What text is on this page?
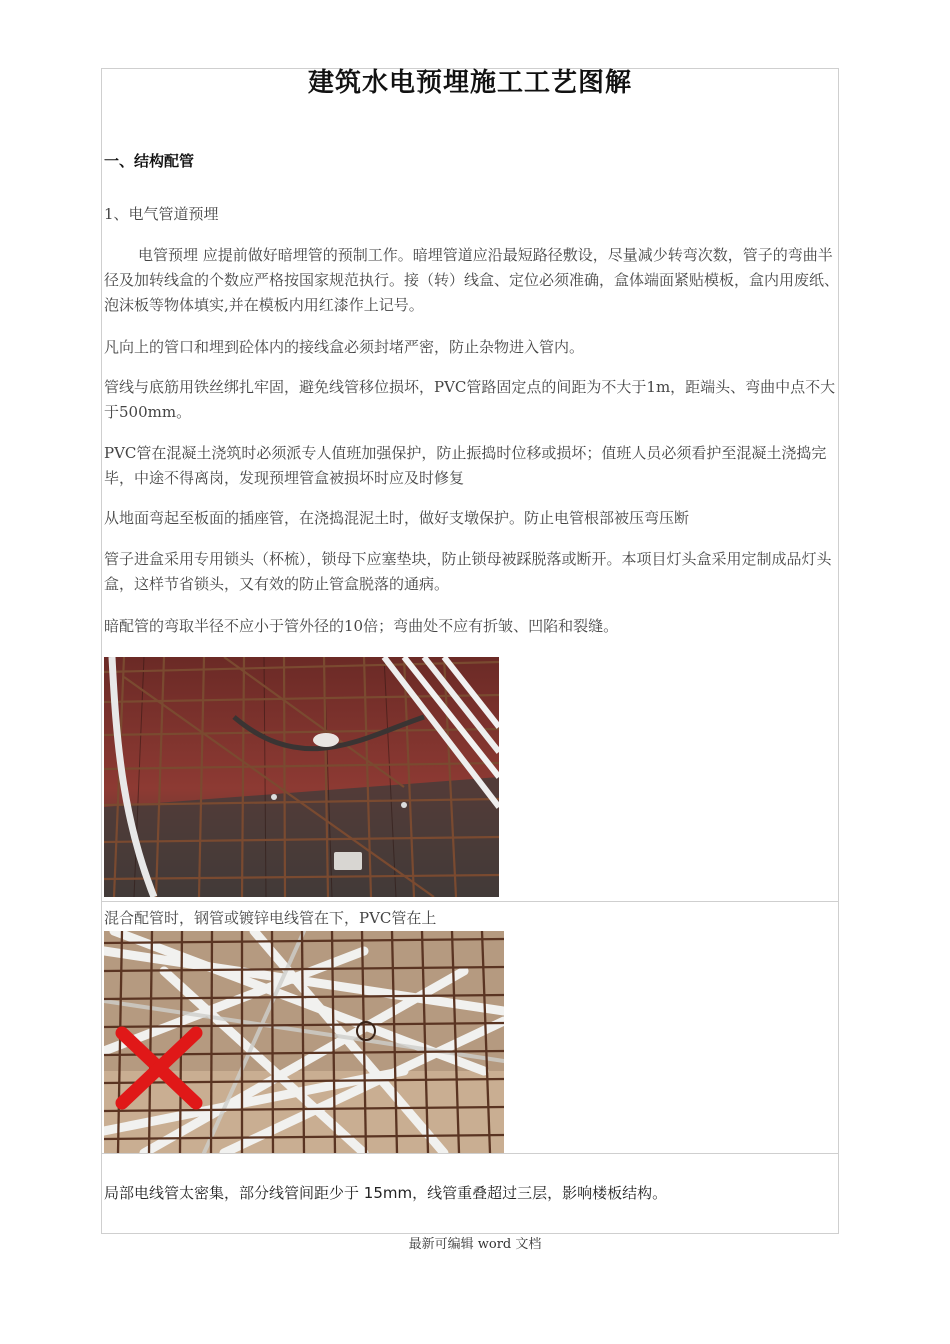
建筑水电预埋施工工艺图解
一、结构配管
1、电气管道预埋
电管预埋 应提前做好暗埋管的预制工作。暗埋管道应沿最短路径敷设，尽量减少转弯次数，管子的弯曲半径及加转线盒的个数应严格按国家规范执行。接（转）线盒、定位必须准确，盒体端面紧贴模板，盒内用废纸、泡沫板等物体填实,并在模板内用红漆作上记号。
凡向上的管口和埋到砼体内的接线盒必须封堵严密，防止杂物进入管内。
管线与底筋用铁丝绑扎牢固，避免线管移位损坏，PVC管路固定点的间距为不大于1m，距端头、弯曲中点不大于500mm。
PVC管在混凝土浇筑时必须派专人值班加强保护，防止振捣时位移或损坏；值班人员必须看护至混凝土浇捣完毕，中途不得离岗，发现预埋管盒被损坏时应及时修复
从地面弯起至板面的插座管，在浇捣混泥土时，做好支墩保护。防止电管根部被压弯压断
管子进盒采用专用锁头（杯梳），锁母下应塞垫块，防止锁母被踩脱落或断开。本项目灯头盒采用定制成品灯头盒，这样节省锁头，又有效的防止管盒脱落的通病。
暗配管的弯取半径不应小于管外径的10倍；弯曲处不应有折皱、凹陷和裂缝。
混合配管时，钢管或镀锌电线管在下，PVC管在上
局部电线管太密集，部分线管间距少于 15mm，线管重叠超过三层，影响楼板结构。
最新可编辑 word 文档
